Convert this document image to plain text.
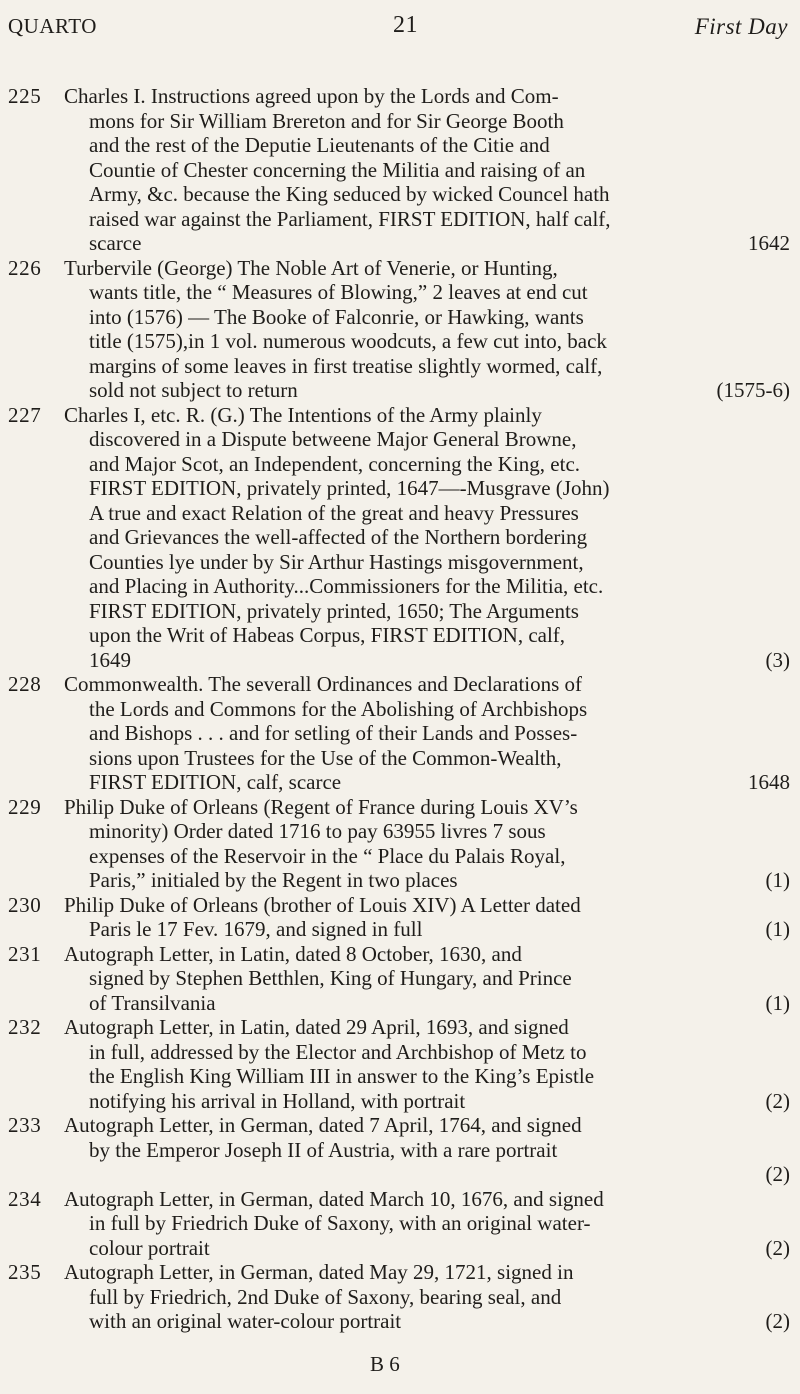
QUARTO	21	First Day
225	Charles I. Instructions agreed upon by the Lords and Com-

mons for Sir William Brereton and for Sir George Booth

and the rest of the Deputie Lieutenants of the Citie and

Countie of Chester concerning the Militia and raising of an

Army, &c. because the King seduced by wicked Councel hath

raised war against the Parliament, FIRST EDITION, half calf,

scarce	1642
226	Turbervile (George) The Noble Art of Venerie, or Hunting,

wants title, the “ Measures of Blowing,” 2 leaves at end cut

into (1576) — The Booke of Falconrie, or Hawking, wants

title (1575),in 1 vol. numerous woodcuts, a few cut into, back

margins of some leaves in first treatise slightly wormed, calf,

sold not subject to return	(1575-6)
227	Charles I, etc. R. (G.) The Intentions of the Army plainly

discovered in a Dispute betweene Major General Browne,

and Major Scot, an Independent, concerning the King, etc.

FIRST EDITION, privately printed, 1647—-Musgrave (John)

A true and exact Relation of the great and heavy Pressures

and Grievances the well-affected of the Northern bordering

Counties lye under by Sir Arthur Hastings misgovernment,

and Placing in Authority...Commissioners for the Militia, etc.

FIRST EDITION, privately printed, 1650; The Arguments

upon the Writ of Habeas Corpus, FIRST EDITION, calf,

1649	(3)
228	Commonwealth. The severall Ordinances and Declarations of

the Lords and Commons for the Abolishing of Archbishops

and Bishops . . . and for setling of their Lands and Posses-

sions upon Trustees for the Use of the Common-Wealth,

FIRST EDITION, calf, scarce	1648
229	Philip Duke of Orleans (Regent of France during Louis XV’s

minority) Order dated 1716 to pay 63955 livres 7 sous

expenses of the Reservoir in the “ Place du Palais Royal,

Paris,” initialed by the Regent in two places	(1)
230	Philip Duke of Orleans (brother of Louis XIV) A Letter dated

Paris le 17 Fev. 1679, and signed in full	(1)
231	Autograph Letter, in Latin, dated 8 October, 1630, and

signed by Stephen Betthlen, King of Hungary, and Prince

of Transilvania	(1)
232	Autograph Letter, in Latin, dated 29 April, 1693, and signed

in full, addressed by the Elector and Archbishop of Metz to

the English King William III in answer to the King’s Epistle

notifying his arrival in Holland, with portrait	(2)
233	Autograph Letter, in German, dated 7 April, 1764, and signed

by the Emperor Joseph II of Austria, with a rare portrait

(2)
234	Autograph Letter, in German, dated March 10, 1676, and signed

in full by Friedrich Duke of Saxony, with an original water-

colour portrait	(2)
235	Autograph Letter, in German, dated May 29, 1721, signed in

full by Friedrich, 2nd Duke of Saxony, bearing seal, and

with an original water-colour portrait	(2)
B 6
